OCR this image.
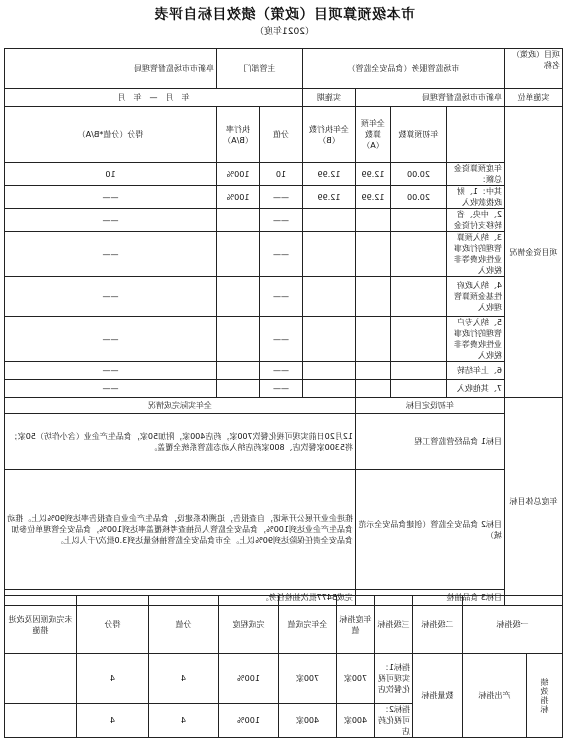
市本级预算项目（政策）绩效目标自评表
（2021年度）
项目（政策）名称	市场监管服务（食品安全监管）				主管部门		阜新市市场监督管理局
实施单位	阜新市市场监督管理局			实施期	年　月　—　年　月		
项目资金情况		年初预算数	全年预算数（A）	全年执行数（B）	分值	执行率（B/A）	得分（分值*B/A）
	年度预算资金总额：	20.00	12.99	12.99	10	100%	10
	其中：1、财政拨款收入	20.00	12.99	12.99	——	100%	——
	2、中央、省转移支付资金				——		——
	3、纳入预算管理的行政事业性收费等非税收入				——		——
	4、纳入政府性基金预算管理收入				——		——
	5、纳入专户管理的行政事业性收费等非税收入				——		——
	6、上年结转				——		——
	7、其他收入				——		——
年度总体目标	年初设定目标			全年实际完成情况			
	目标1 食品经营监管工程			12月20日前实现可视化餐饮700家，药店400家，附加50家，食品生产企业（含小作坊）50家；将5300家餐饮店、800家药店纳入动态监管系统全覆盖。			
	目标2 食品安全监管（创建食品安全示范城）			推进企业开展公开承诺，自查报告，追溯体系建设，食品生产企业自查报告率达到90%以上。推动食品生产企业达到100%，食品安全监管人员抽查考核覆盖率达到100%，食品安全管理单位参加食品安全责任保险达到90%以上。全市食品安全监管抽检量达到3.0批次/千人以上。			
	目标3 食品抽检			完成5477批次抽检任务。			
一级指标		二级指标	三级指标	年度指标值	全年完成值	完成程度	分值	得分	未完成原因及改进措施

绩效指标	产出指标	数量指标	指标1：实现可视化餐饮店	700家	700家	100%	4	4	
			指标2：可视化药店	400家	400家	100%	4	4	
